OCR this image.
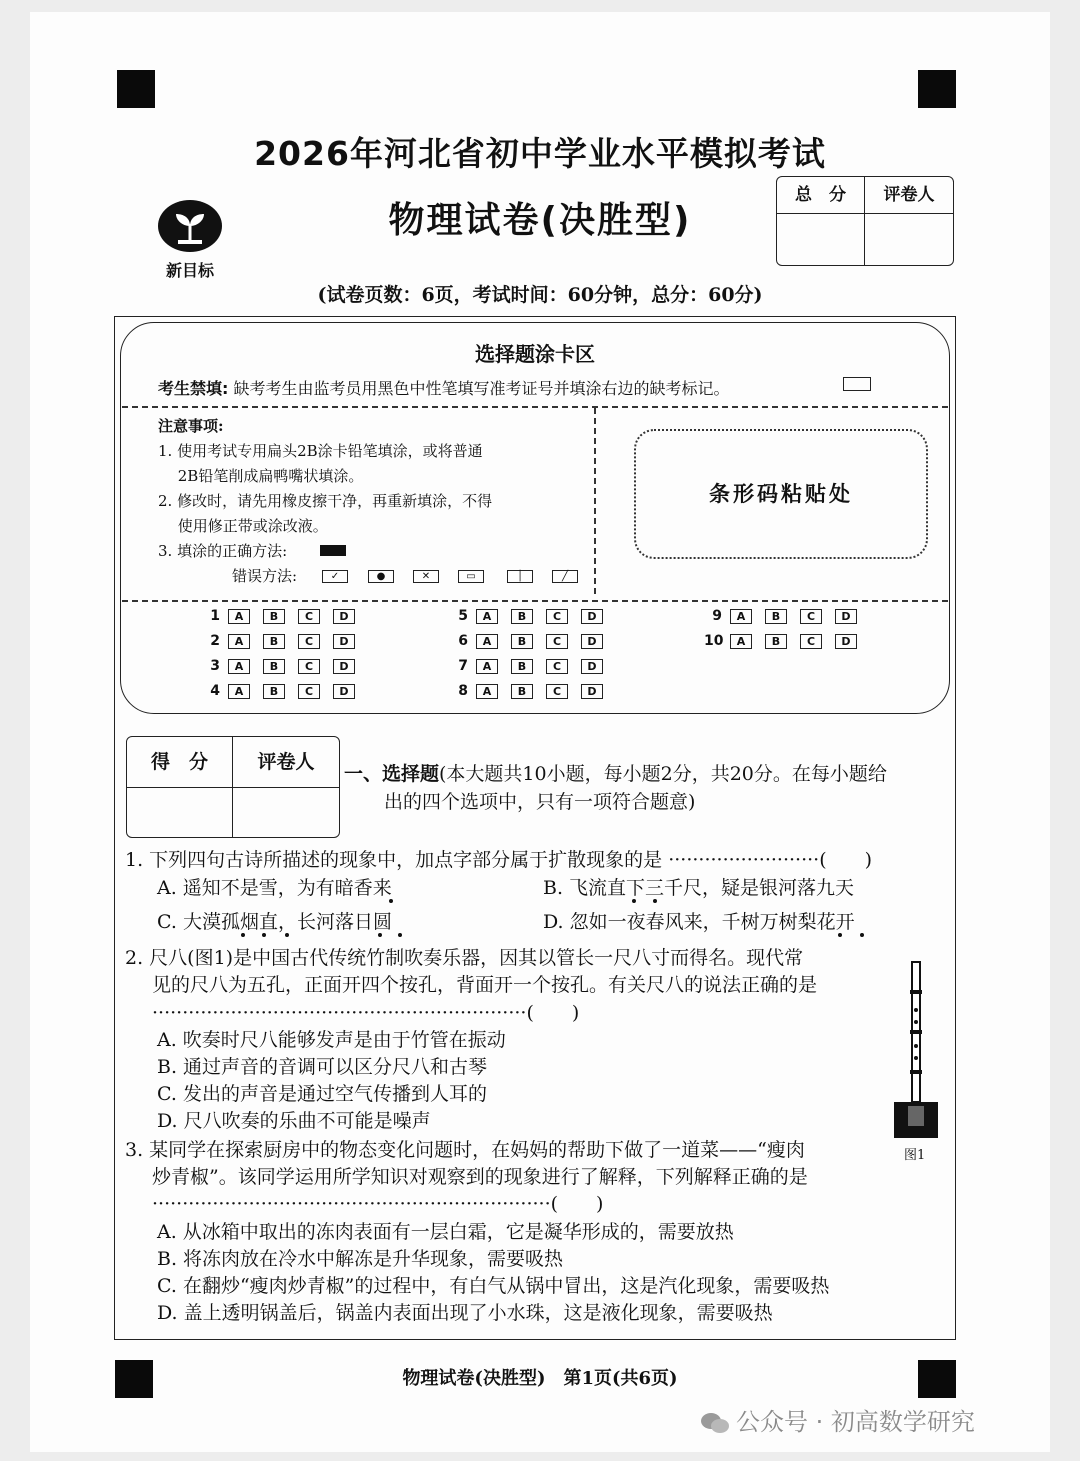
2026年河北省初中学业水平模拟考试
物理试卷(决胜型)
新目标
总　分	评卷人
(试卷页数：6页，考试时间：60分钟，总分：60分)
选择题涂卡区
考生禁填: 缺考考生由监考员用黑色中性笔填写准考证号并填涂右边的缺考标记。
注意事项:
1. 使用考试专用扁头2B涂卡铅笔填涂，或将普通
　 2B铅笔削成扁鸭嘴状填涂。
2. 修改时，请先用橡皮擦干净，再重新填涂，不得
　 使用修正带或涂改液。
3. 填涂的正确方法:
错误方法:	✓	●	✕	▭	│	╱
条形码粘贴处
1 A B C D
2 A B C D
3 A B C D
4 A B C D
5 A B C D
6 A B C D
7 A B C D
8 A B C D
9 A B C D
10 A B C D
得　分	评卷人
一、选择题(本大题共10小题，每小题2分，共20分。在每小题给
出的四个选项中，只有一项符合题意)
1. 下列四句古诗所描述的现象中，加点字部分属于扩散现象的是 ·························(　　)
A. 遥知不是雪，为有暗香来	B. 飞流直下三千尺，疑是银河落九天
C. 大漠孤烟直，长河落日圆	D. 忽如一夜春风来，千树万树梨花开
2. 尺八(图1)是中国古代传统竹制吹奏乐器，因其以管长一尺八寸而得名。现代常
见的尺八为五孔，正面开四个按孔，背面开一个按孔。有关尺八的说法正确的是
······························································(　　)
A. 吹奏时尺八能够发声是由于竹管在振动
B. 通过声音的音调可以区分尺八和古琴
C. 发出的声音是通过空气传播到人耳的
D. 尺八吹奏的乐曲不可能是噪声
图1
3. 某同学在探索厨房中的物态变化问题时，在妈妈的帮助下做了一道菜——“瘦肉
炒青椒”。该同学运用所学知识对观察到的现象进行了解释，下列解释正确的是
··································································(　　)
A. 从冰箱中取出的冻肉表面有一层白霜，它是凝华形成的，需要放热
B. 将冻肉放在冷水中解冻是升华现象，需要吸热
C. 在翻炒“瘦肉炒青椒”的过程中，有白气从锅中冒出，这是汽化现象，需要吸热
D. 盖上透明锅盖后，锅盖内表面出现了小水珠，这是液化现象，需要吸热
物理试卷(决胜型)　第1页(共6页)
公众号 · 初高数学研究
